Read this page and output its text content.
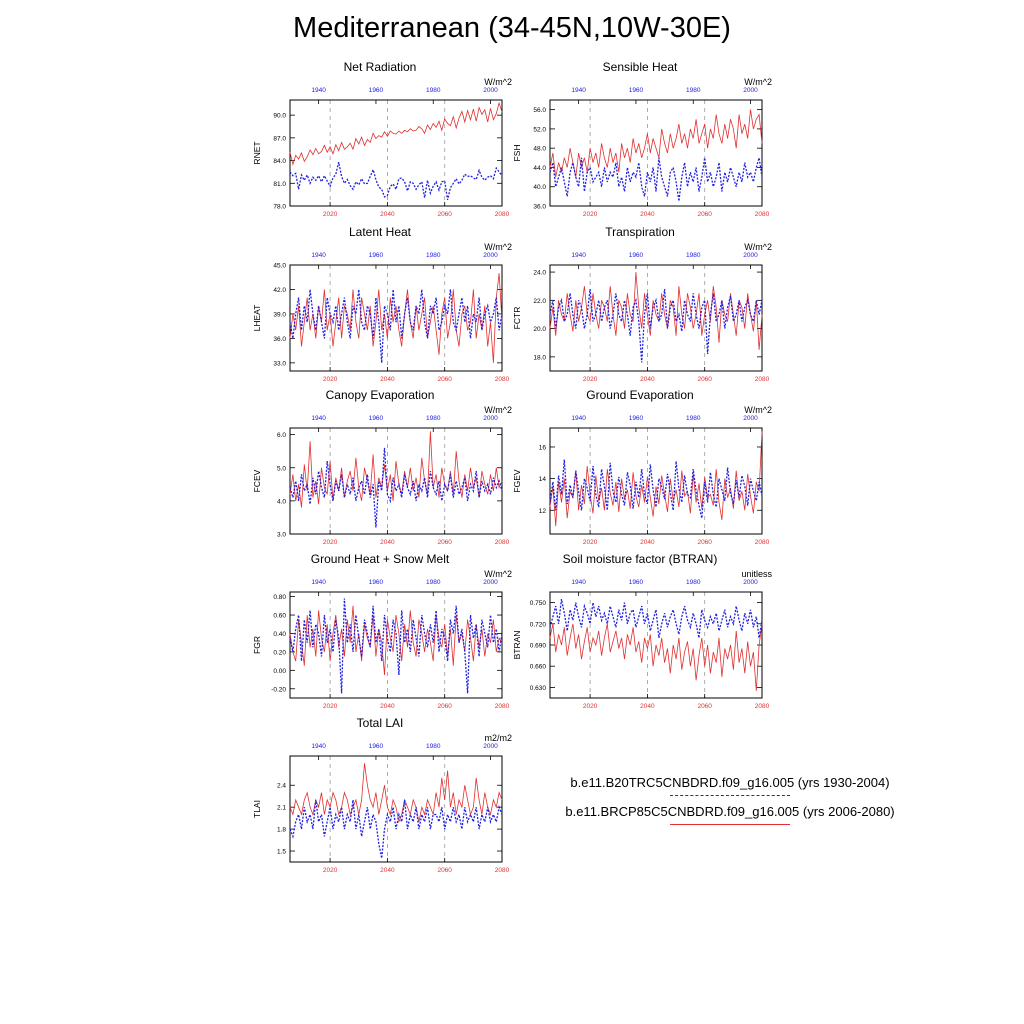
Mediterranean (34-45N,10W-30E)
Net Radiation
W/m^2
78.0
81.0
84.0
87.0
90.0
RNET
2020	2040	2060	2080
1940	1960	1980	2000
Sensible Heat
W/m^2
36.0
40.0
44.0
48.0
52.0
56.0
FSH
2020	2040	2060	2080
1940	1960	1980	2000
Latent Heat
W/m^2
33.0
36.0
39.0
42.0
45.0
LHEAT
2020	2040	2060	2080
1940	1960	1980	2000
Transpiration
W/m^2
18.0
20.0
22.0
24.0
FCTR
2020	2040	2060	2080
1940	1960	1980	2000
Canopy Evaporation
W/m^2
3.0
4.0
5.0
6.0
FCEV
2020	2040	2060	2080
1940	1960	1980	2000
Ground Evaporation
W/m^2
12
14
16
FGEV
2020	2040	2060	2080
1940	1960	1980	2000
Ground Heat + Snow Melt
W/m^2
-0.20
0.00
0.20
0.40
0.60
0.80
FGR
2020	2040	2060	2080
1940	1960	1980	2000
Soil moisture factor (BTRAN)
unitless
0.630
0.660
0.690
0.720
0.750
BTRAN
2020	2040	2060	2080
1940	1960	1980	2000
Total LAI
m2/m2
1.5
1.8
2.1
2.4
TLAI
2020	2040	2060	2080
1940	1960	1980	2000
b.e11.B20TRC5CNBDRD.f09_g16.005 (yrs 1930-2004)
b.e11.BRCP85C5CNBDRD.f09_g16.005 (yrs 2006-2080)
